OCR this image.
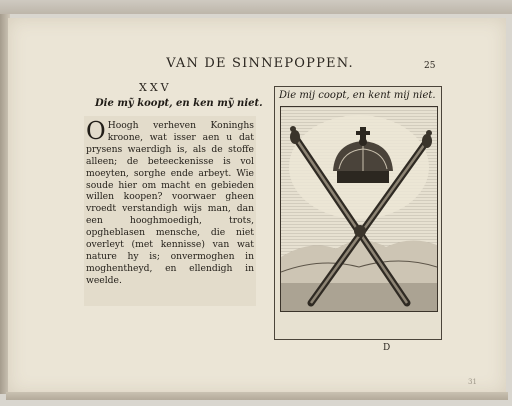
VAN DE SINNEPOPPEN.	25
XXV
Die mỹ koopt, en ken mỹ niet.
O Hoogh verheven Koninghs kroone, wat isser aen u dat prysens waerdigh is, als de stoffe alleen; de beteeckenisse is vol moeyten, sorghe ende arbeyt. Wie soude hier om macht en gebieden willen koopen? voorwaer gheen vroedt verstandigh wijs man, dan een hooghmoedigh, trots, opgheblasen mensche, die niet overleyt (met kennisse) van wat nature hy is; onvermoghen in moghentheyd, en ellendigh in weelde.
Die mij coopt, en kent mij niet.
D
31
